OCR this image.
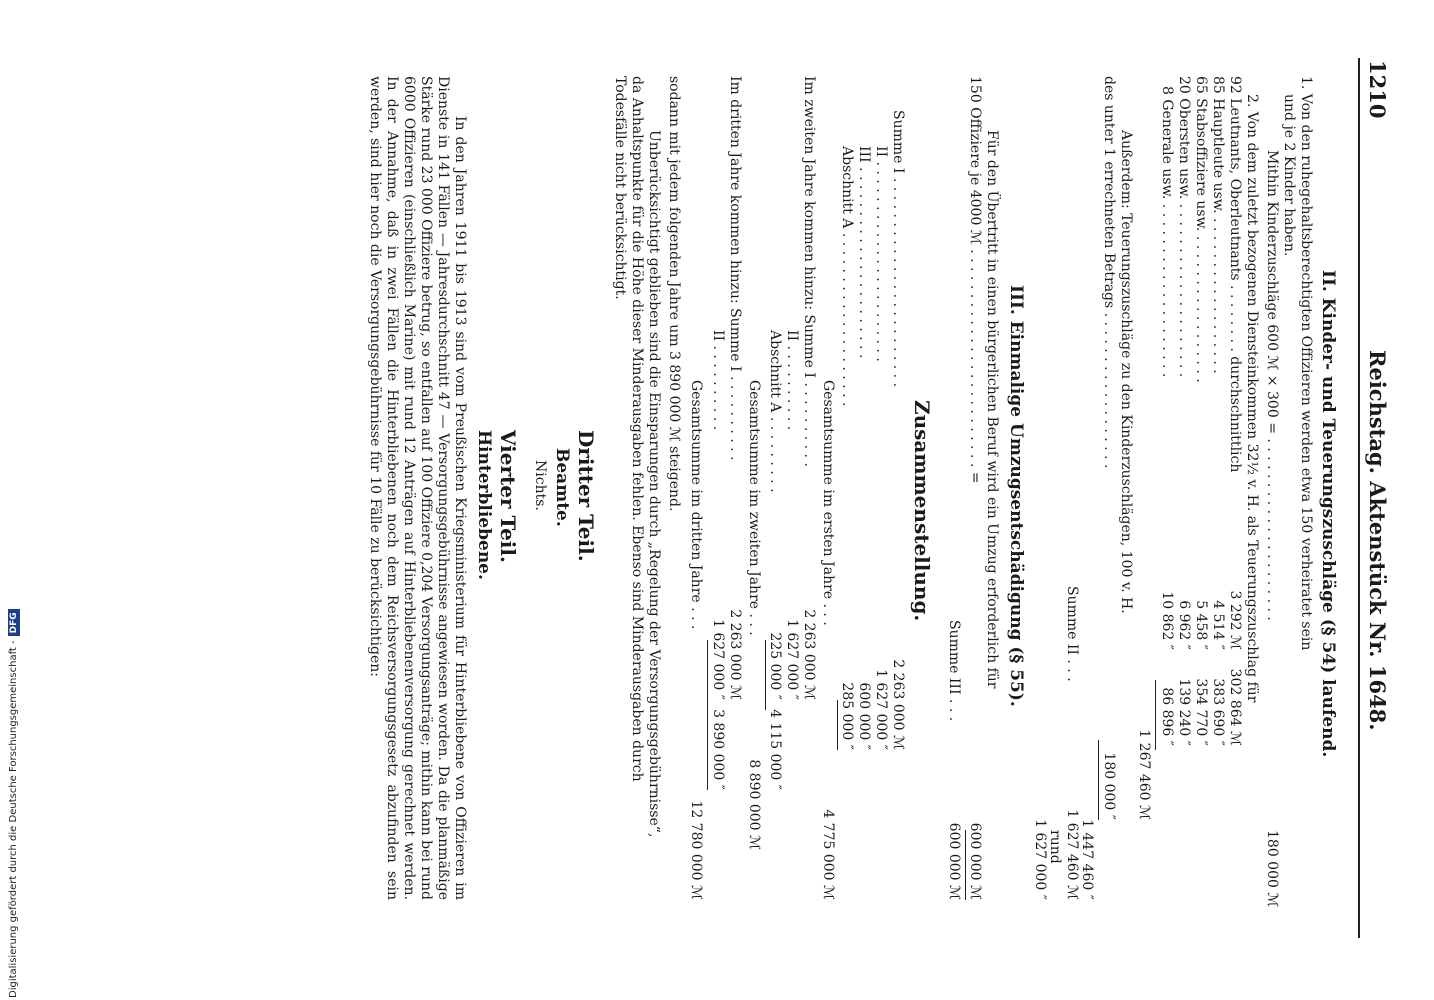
1210
Reichstag. Aktenstück Nr. 1648.
II. Kinder- und Teuerungszuschläge (§ 54) laufend.
1. Von den ruhegehaltsberechtigten Offizieren werden etwa 150 verheiratet sein
und je 2 Kinder haben.
Mithin Kinderzuschläge 600 ℳ × 300 = . . . . . . . . . . . . . . . . . . . . .
180 000 ℳ
2. Von dem zuletzt bezogenen Diensteinkommen 32½ v. H. als Teuerungszuschlag für
92 Leutnants, Oberleutnants . . . . . . . . durchschnittlich
3 292 ℳ
302 864 ℳ
85 Hauptleute usw. . . . . . . . . . . . . . . . . . .
4 514 ″
383 690 ″
65 Stabsoffiziere usw. . . . . . . . . . . . . . . . . .
5 458 ″
354 770 ″
20 Obersten usw. . . . . . . . . . . . . . . . . . . . .
6 962 ″
139 240 ″
8 Generale usw. . . . . . . . . . . . . . . . . . . . .
10 862 ″
86 896 ″
1 267 460 ℳ
Außerdem: Teuerungszuschläge zu den Kinderzuschlägen, 100 v. H.
des unter 1 errechneten Betrags . . . . . . . . . . . . . . . . . .
180 000 ″
1 447 460 ″
Summe II . . .
1 627 460 ℳ
rund
1 627 000 ″
III. Einmalige Umzugsentschädigung (§ 55).
Für den Übertritt in einen bürgerlichen Beruf wird ein Umzug erforderlich für
150 Offiziere je 4000 ℳ . . . . . . . . . . . . . . . . . . . . . . . . . =
600 000 ℳ
Summe III . . .
600 000 ℳ
Zusammenstellung.
Summe I . . . . . . . . . . . . . . . . . . . . . . . .
2 263 000 ℳ
II . . . . . . . . . . . . . . . . . . . . . . .
1 627 000 ″
III . . . . . . . . . . . . . . . . . . . . . .
600 000 ″
Abschnitt A . . . . . . . . . . . . . . . . . . . .
285 000 ″
Gesamtsumme im ersten Jahre . . .
4 775 000 ℳ
Im zweiten Jahre kommen hinzu: Summe I . . . . . . . . . .
2 263 000 ℳ
II . . . . . . . . . .
1 627 000 ″
Abschnitt A . . . . . . . . .
225 000 ″
4 115 000 ″
Gesamtsumme im zweiten Jahre . . .
8 890 000 ℳ
Im dritten Jahre kommen hinzu: Summe I . . . . . . . . . .
2 263 000 ℳ
II . . . . . . . . . .
1 627 000 ″
3 890 000 ″
Gesamtsumme im dritten Jahre . . .
12 780 000 ℳ
sodann mit jedem folgenden Jahre um 3 890 000 ℳ steigend.
Unberücksichtigt geblieben sind die Einsparungen durch „Regelung der Versorgungsgebührnisse“,
da Anhaltspunkte für die Höhe dieser Minderausgaben fehlen. Ebenso sind Minderausgaben durch
Todesfälle nicht berücksichtigt.
Dritter Teil.
Beamte.
Nichts.
Vierter Teil.
Hinterbliebene.
In den Jahren 1911 bis 1913 sind vom Preußischen Kriegsministerium für Hinterbliebene von Offizieren im Dienste in 141 Fällen — Jahresdurchschnitt 47 — Versorgungsgebührnisse angewiesen worden. Da die planmäßige Stärke rund 23 000 Offiziere betrug, so entfallen auf 100 Offiziere 0,204 Versorgungsanträge; mithin kann bei rund 6000 Offizieren (einschließlich Marine) mit rund 12 Anträgen auf Hinterbliebenenversorgung gerechnet werden. In der Annahme, daß in zwei Fällen die Hinterbliebenen noch dem Reichsversorgungsgesetz abzufinden sein werden, sind hier noch die Versorgungsgebührnisse für 10 Fälle zu berücksichtigen:
Digitalisierung gefördert durch die Deutsche Forschungsgemeinschaft -DFG
